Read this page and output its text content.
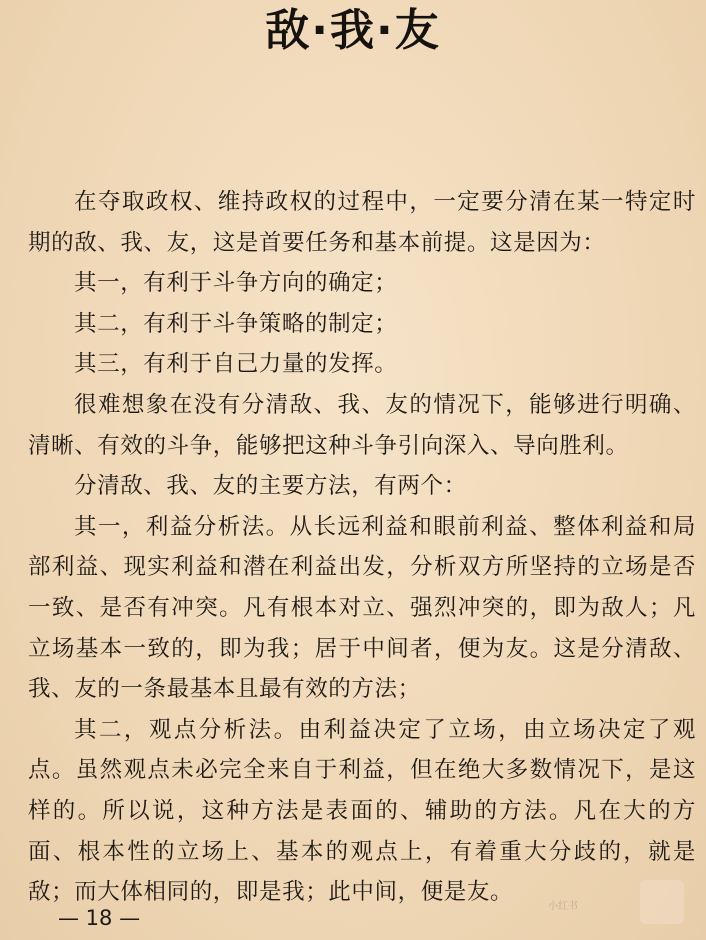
敌·我·友

在夺取政权、维持政权的过程中，一定要分清在某一特定时期的敌、我、友，这是首要任务和基本前提。这是因为：

其一，有利于斗争方向的确定；

其二，有利于斗争策略的制定；

其三，有利于自己力量的发挥。

很难想象在没有分清敌、我、友的情况下，能够进行明确、清晰、有效的斗争，能够把这种斗争引向深入、导向胜利。

分清敌、我、友的主要方法，有两个：

其一，利益分析法。从长远利益和眼前利益、整体利益和局部利益、现实利益和潜在利益出发，分析双方所坚持的立场是否一致、是否有冲突。凡有根本对立、强烈冲突的，即为敌人；凡立场基本一致的，即为我；居于中间者，便为友。这是分清敌、我、友的一条最基本且最有效的方法；

其二，观点分析法。由利益决定了立场，由立场决定了观点。虽然观点未必完全来自于利益，但在绝大多数情况下，是这样的。所以说，这种方法是表面的、辅助的方法。凡在大的方面、根本性的立场上、基本的观点上，有着重大分歧的，就是敌；而大体相同的，即是我；此中间，便是友。

— 18 —	小红书
